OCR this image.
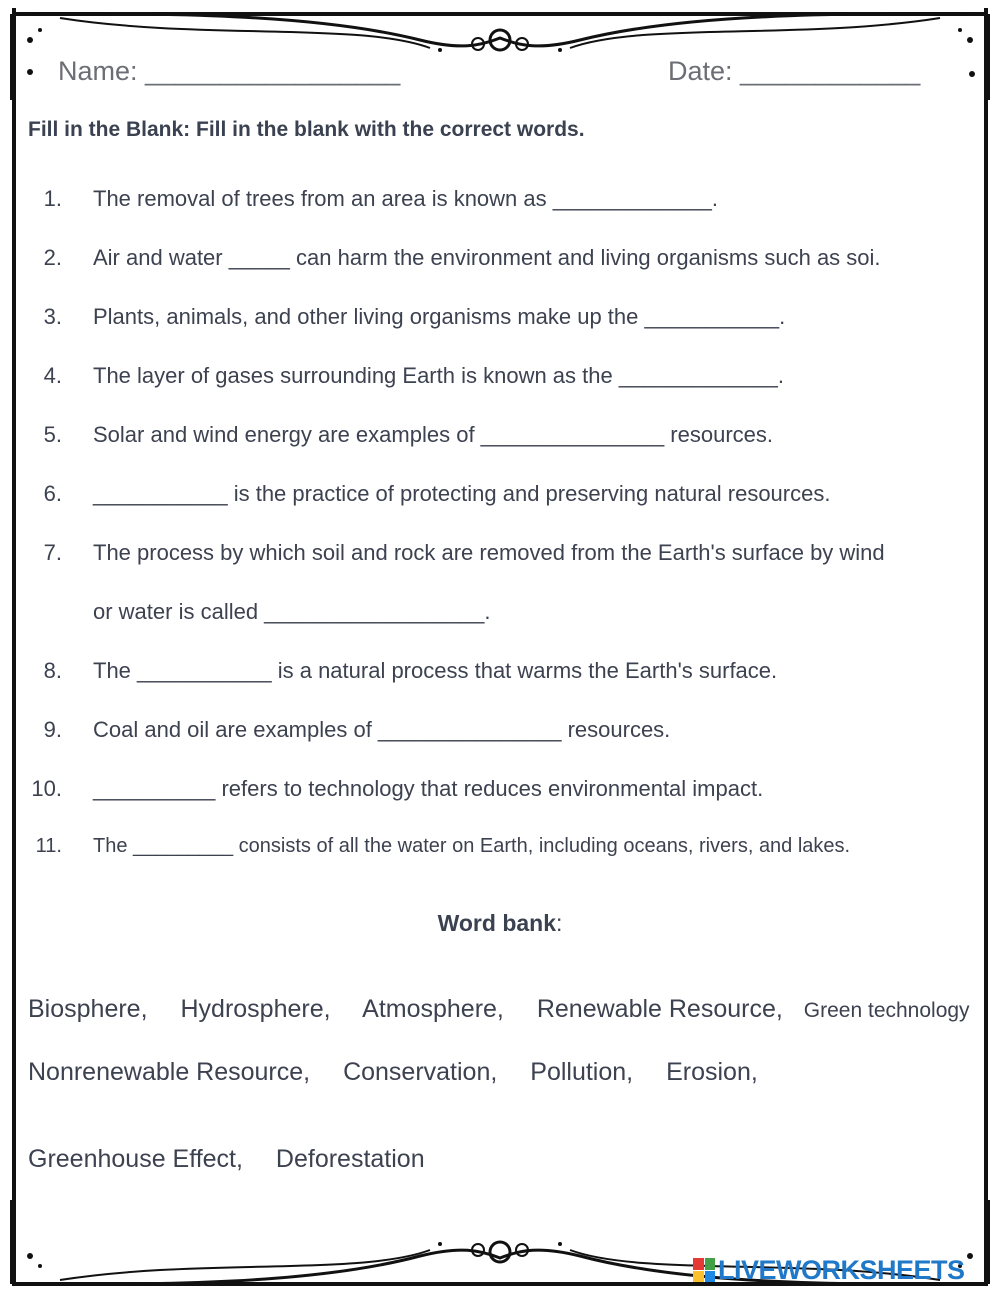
Name: _________________	Date: ____________
Fill in the Blank: Fill in the blank with the correct words.
1. The removal of trees from an area is known as _____________.
2. Air and water _____ can harm the environment and living organisms such as soi.
3. Plants, animals, and other living organisms make up the ___________.
4. The layer of gases surrounding Earth is known as the _____________.
5. Solar and wind energy are examples of _______________ resources.
6. ___________ is the practice of protecting and preserving natural resources.
7. The process by which soil and rock are removed from the Earth's surface by wind
or water is called __________________.
8. The ___________ is a natural process that warms the Earth's surface.
9. Coal and oil are examples of _______________ resources.
10. __________ refers to technology that reduces environmental impact.
11. The _________ consists of all the water on Earth, including oceans, rivers, and lakes.
Word bank:
Biosphere, Hydrosphere, Atmosphere, Renewable Resource, Green technology
Nonrenewable Resource, Conservation, Pollution, Erosion,
Greenhouse Effect, Deforestation
LIVEWORKSHEETS
